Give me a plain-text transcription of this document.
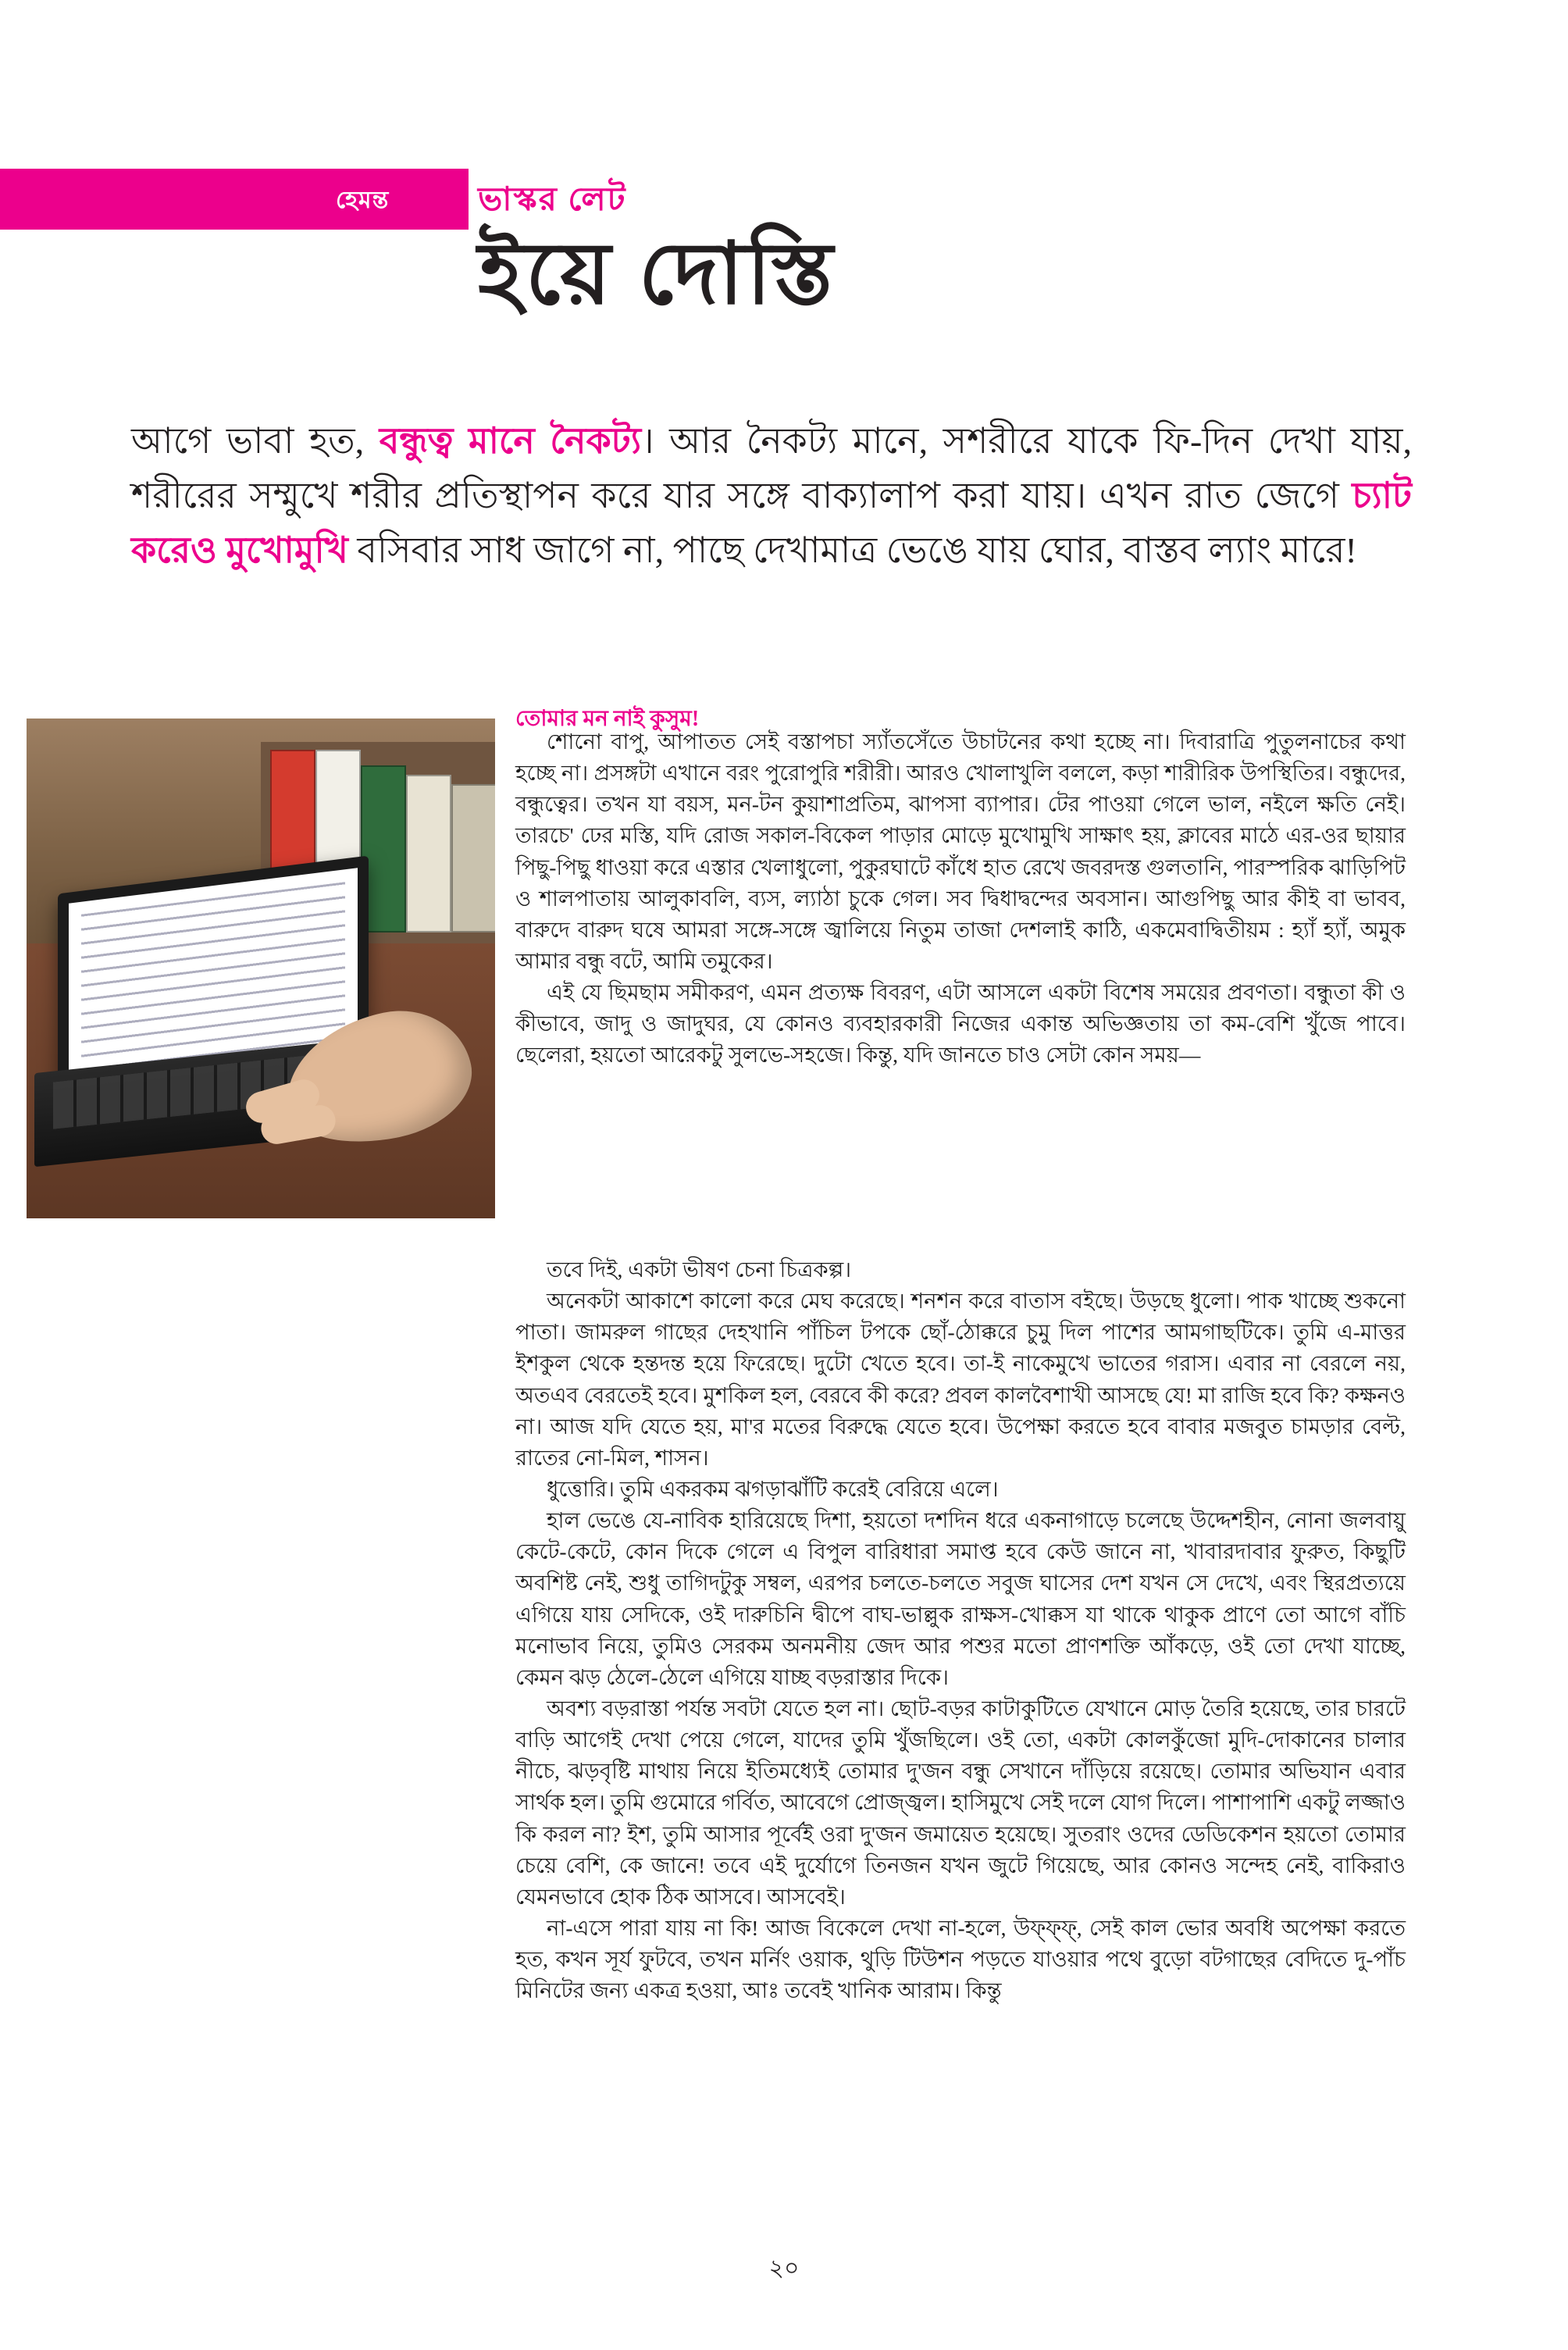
হেমন্ত	ভাস্কর লেট
ইয়ে দোস্তি
আগে ভাবা হত, বন্ধুত্ব মানে নৈকট্য। আর নৈকট্য মানে, সশরীরে যাকে ফি-দিন দেখা যায়, শরীরের সম্মুখে শরীর প্রতিস্থাপন করে যার সঙ্গে বাক্যালাপ করা যায়। এখন রাত জেগে চ্যাট করেও মুখোমুখি বসিবার সাধ জাগে না, পাছে দেখামাত্র ভেঙে যায় ঘোর, বাস্তব ল্যাং মারে!
তোমার মন নাই কুসুম!

শোনো বাপু, আপাতত সেই বস্তাপচা স্যাঁতসেঁতে উচাটনের কথা হচ্ছে না। দিবারাত্রি পুতুলনাচের কথা হচ্ছে না। প্রসঙ্গটা এখানে বরং পুরোপুরি শরীরী। আরও খোলাখুলি বললে, কড়া শারীরিক উপস্থিতির। বন্ধুদের, বন্ধুত্বের। তখন যা বয়স, মন-টন কুয়াশাপ্রতিম, ঝাপসা ব্যাপার। টের পাওয়া গেলে ভাল, নইলে ক্ষতি নেই। তারচে' ঢের মস্তি, যদি রোজ সকাল-বিকেল পাড়ার মোড়ে মুখোমুখি সাক্ষাৎ হয়, ক্লাবের মাঠে এর-ওর ছায়ার পিছু-পিছু ধাওয়া করে এস্তার খেলাধুলো, পুকুরঘাটে কাঁধে হাত রেখে জবরদস্ত গুলতানি, পারস্পরিক ঝাড়িপিট ও শালপাতায় আলুকাবলি, ব্যস, ল্যাঠা চুকে গেল। সব দ্বিধাদ্বন্দের অবসান। আগুপিছু আর কীই বা ভাবব, বারুদে বারুদ ঘষে আমরা সঙ্গে-সঙ্গে জ্বালিয়ে নিতুম তাজা দেশলাই কাঠি, একমেবাদ্বিতীয়ম : হ্যাঁ হ্যাঁ, অমুক আমার বন্ধু বটে, আমি তমুকের।

এই যে ছিমছাম সমীকরণ, এমন প্রত্যক্ষ বিবরণ, এটা আসলে একটা বিশেষ সময়ের প্রবণতা। বন্ধুতা কী ও কীভাবে, জাদু ও জাদুঘর, যে কোনও ব্যবহারকারী নিজের একান্ত অভিজ্ঞতায় তা কম-বেশি খুঁজে পাবে। ছেলেরা, হয়তো আরেকটু সুলভে-সহজে। কিন্তু, যদি জানতে চাও সেটা কোন সময়—

তবে দিই, একটা ভীষণ চেনা চিত্রকল্প।

অনেকটা আকাশে কালো করে মেঘ করেছে। শনশন করে বাতাস বইছে। উড়ছে ধুলো। পাক খাচ্ছে শুকনো পাতা। জামরুল গাছের দেহখানি পাঁচিল টপকে ছোঁ-ঠোক্করে চুমু দিল পাশের আমগাছটিকে। তুমি এ-মাত্তর ইশকুল থেকে হন্তদন্ত হয়ে ফিরেছে। দুটো খেতে হবে। তা-ই নাকেমুখে ভাতের গরাস। এবার না বেরলে নয়, অতএব বেরতেই হবে। মুশকিল হল, বেরবে কী করে? প্রবল কালবৈশাখী আসছে যে! মা রাজি হবে কি? কক্ষনও না। আজ যদি যেতে হয়, মা'র মতের বিরুদ্ধে যেতে হবে। উপেক্ষা করতে হবে বাবার মজবুত চামড়ার বেল্ট, রাতের নো-মিল, শাসন।

ধুত্তোরি। তুমি একরকম ঝগড়াঝাঁটি করেই বেরিয়ে এলে।

হাল ভেঙে যে-নাবিক হারিয়েছে দিশা, হয়তো দশদিন ধরে একনাগাড়ে চলেছে উদ্দেশহীন, নোনা জলবায়ু কেটে-কেটে, কোন দিকে গেলে এ বিপুল বারিধারা সমাপ্ত হবে কেউ জানে না, খাবারদাবার ফুরুত, কিছুটি অবশিষ্ট নেই, শুধু তাগিদটুকু সম্বল, এরপর চলতে-চলতে সবুজ ঘাসের দেশ যখন সে দেখে, এবং স্থিরপ্রত্যয়ে এগিয়ে যায় সেদিকে, ওই দারুচিনি দ্বীপে বাঘ-ভাল্লুক রাক্ষস-খোক্কস যা থাকে থাকুক প্রাণে তো আগে বাঁচি মনোভাব নিয়ে, তুমিও সেরকম অনমনীয় জেদ আর পশুর মতো প্রাণশক্তি আঁকড়ে, ওই তো দেখা যাচ্ছে, কেমন ঝড় ঠেলে-ঠেলে এগিয়ে যাচ্ছ বড়রাস্তার দিকে।

অবশ্য বড়রাস্তা পর্যন্ত সবটা যেতে হল না। ছোট-বড়র কাটাকুটিতে যেখানে মোড় তৈরি হয়েছে, তার চারটে বাড়ি আগেই দেখা পেয়ে গেলে, যাদের তুমি খুঁজছিলে। ওই তো, একটা কোলকুঁজো মুদি-দোকানের চালার নীচে, ঝড়বৃষ্টি মাথায় নিয়ে ইতিমধ্যেই তোমার দু'জন বন্ধু সেখানে দাঁড়িয়ে রয়েছে। তোমার অভিযান এবার সার্থক হল। তুমি গুমোরে গর্বিত, আবেগে প্রোজ্জ্বল। হাসিমুখে সেই দলে যোগ দিলে। পাশাপাশি একটু লজ্জাও কি করল না? ইশ, তুমি আসার পূর্বেই ওরা দু'জন জমায়েত হয়েছে। সুতরাং ওদের ডেডিকেশন হয়তো তোমার চেয়ে বেশি, কে জানে! তবে এই দুর্যোগে তিনজন যখন জুটে গিয়েছে, আর কোনও সন্দেহ নেই, বাকিরাও যেমনভাবে হোক ঠিক আসবে। আসবেই।

না-এসে পারা যায় না কি! আজ বিকেলে দেখা না-হলে, উফ্‌ফ্‌ফ্‌, সেই কাল ভোর অবধি অপেক্ষা করতে হত, কখন সূর্য ফুটবে, তখন মর্নিং ওয়াক, থুড়ি টিউশন পড়তে যাওয়ার পথে বুড়ো বটগাছের বেদিতে দু-পাঁচ মিনিটের জন্য একত্র হওয়া, আঃ তবেই খানিক আরাম। কিন্তু

২০
